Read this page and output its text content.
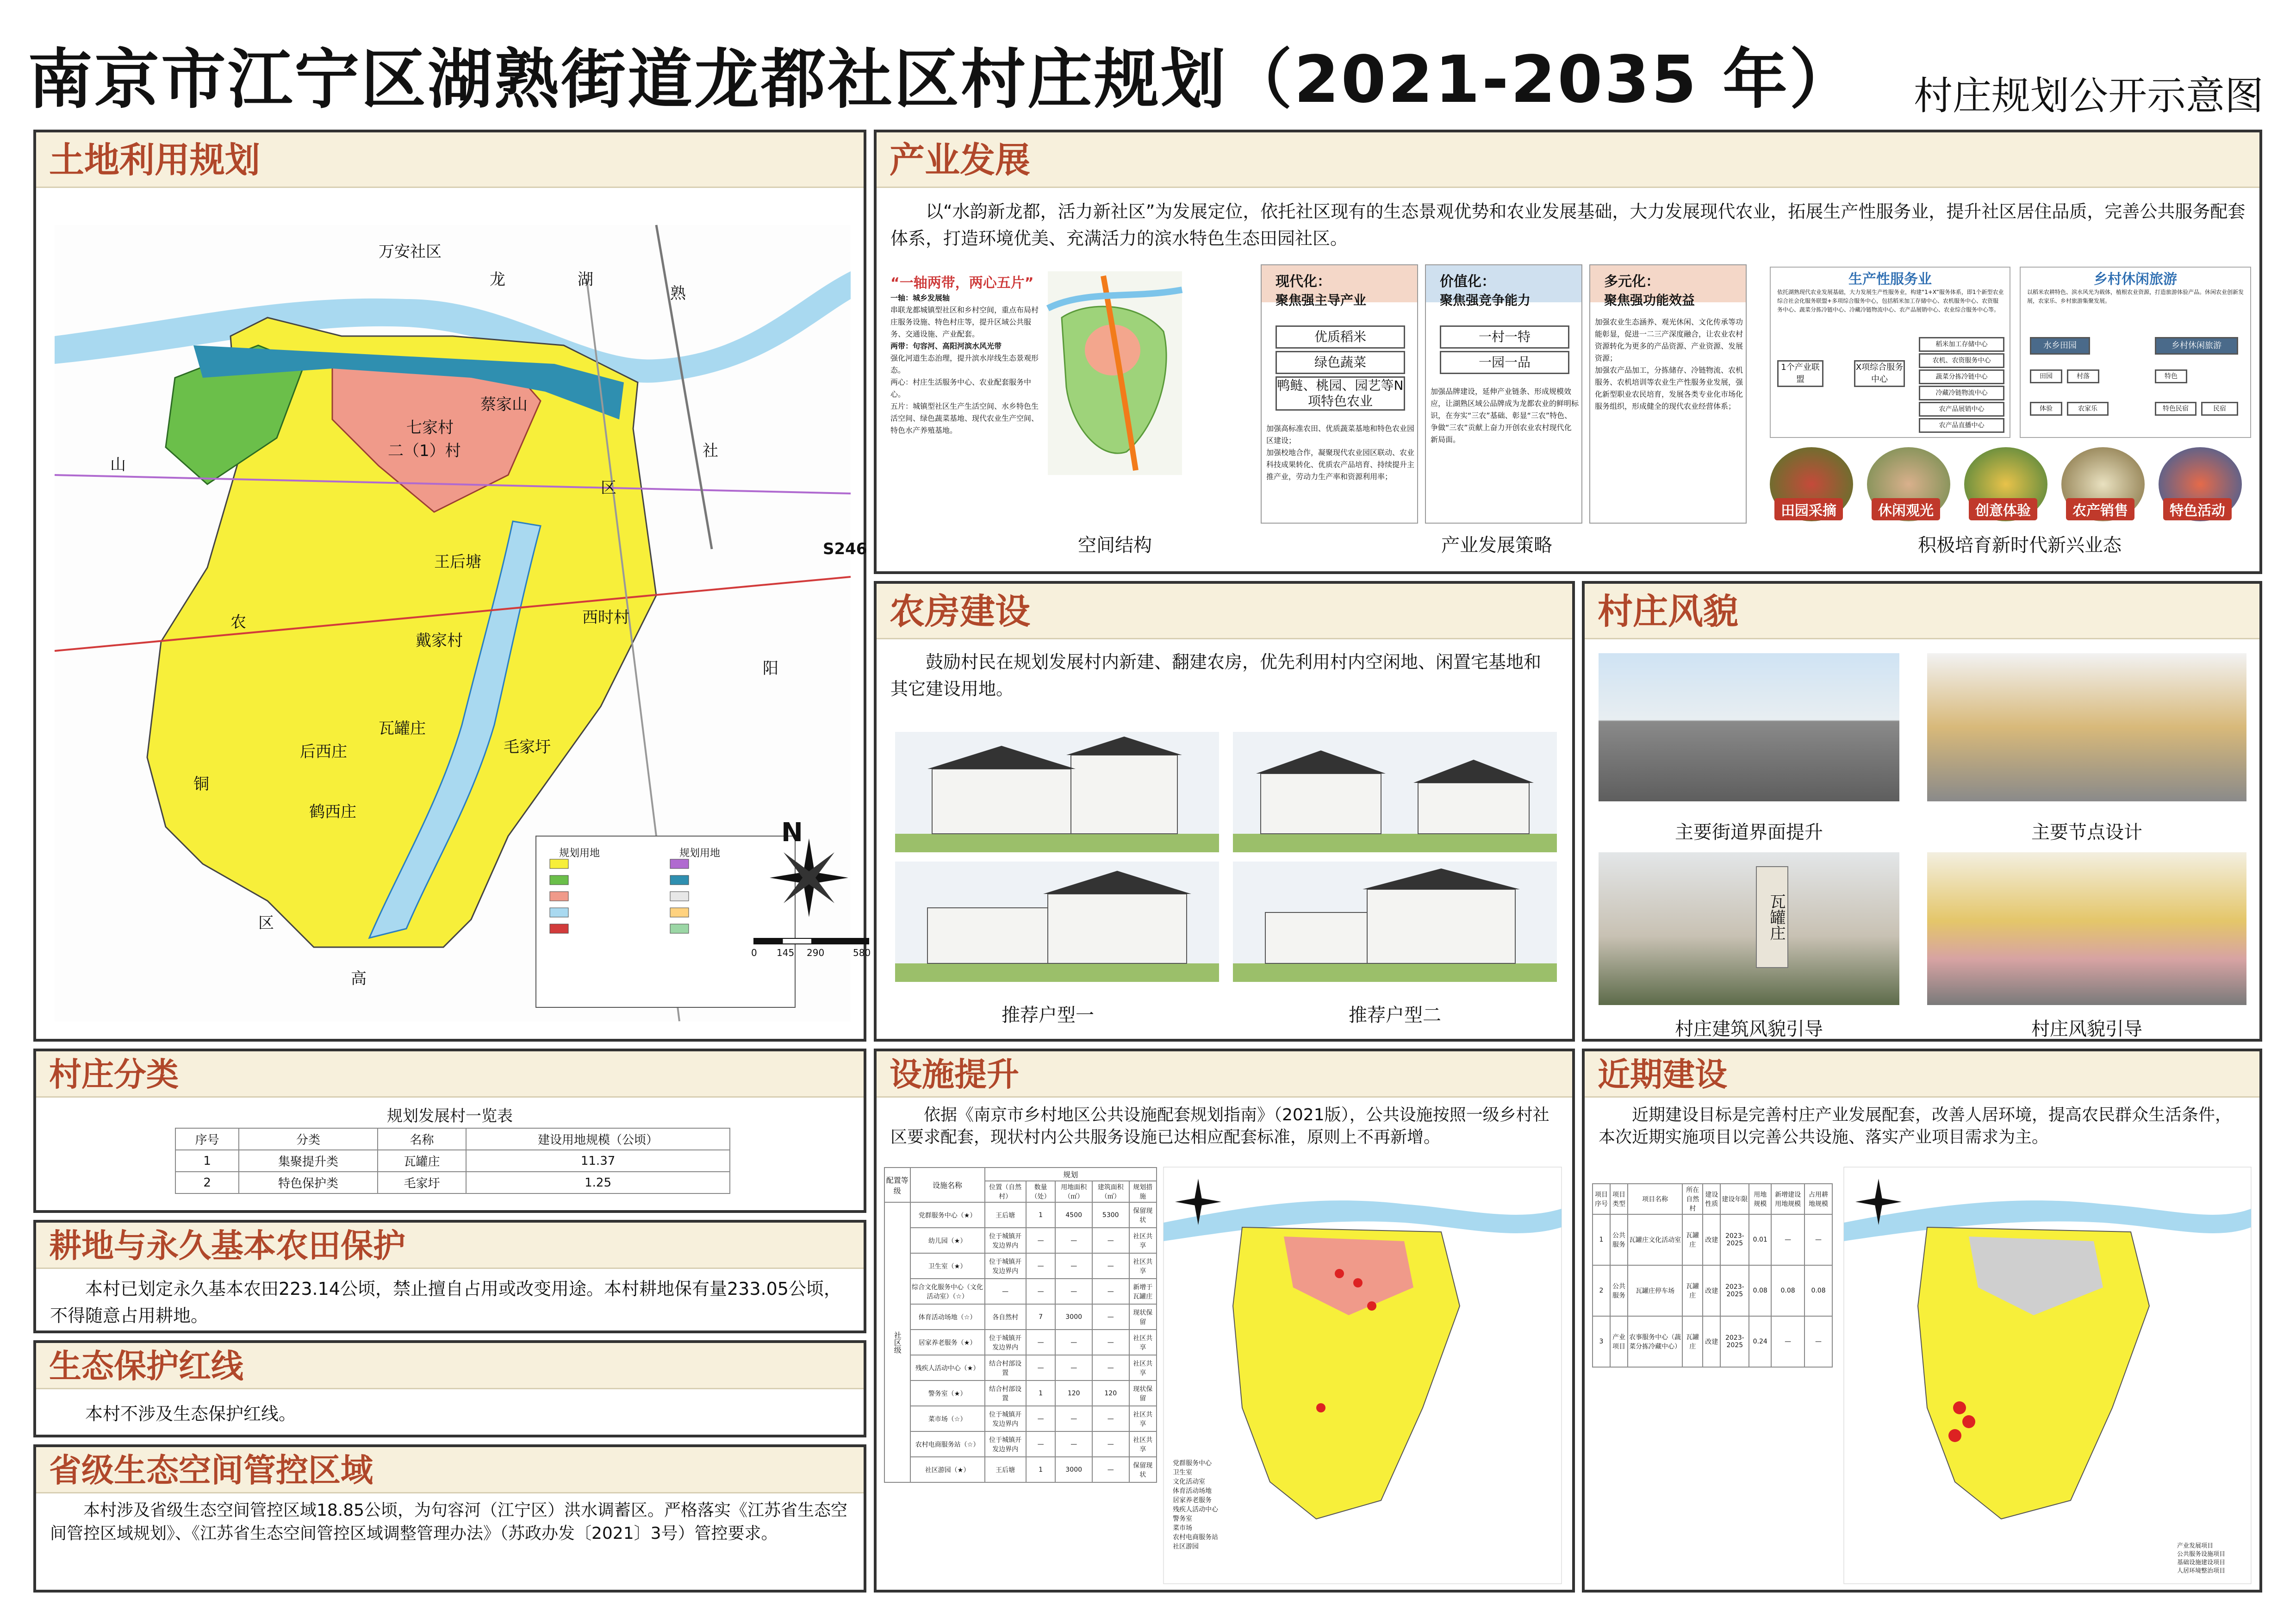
南京市江宁区湖熟街道龙都社区村庄规划（2021-2035 年） 村庄规划公开示意图
土地利用规划
七家村
蔡家山
二（1）村
王后塘
西时村
戴家村
瓦罐庄
后西庄	毛家圩
鹤西庄
万安社区
龙	湖
熟
社
区
阳
农
铜
山
区
高
S246
N
0 145 290	580
规划用地	规划用地
产业发展
以“水韵新龙都，活力新社区”为发展定位，依托社区现有的生态景观优势和农业发展基础，大力发展现代农业，拓展生产性服务业，提升社区居住品质，完善公共服务配套体系，打造环境优美、充满活力的滨水特色生态田园社区。
“一轴两带，两心五片”
一轴：城乡发展轴
串联龙都城镇型社区和乡村空间，重点布局村庄服务设施、特色村庄等，提升区域公共服务、交通设施、产业配套。
两带：句容河、高阳河滨水风光带
强化河道生态治理，提升滨水岸线生态景观形态。
两心：村庄生活服务中心、农业配套服务中心。
五片：城镇型社区生产生活空间、水乡特色生活空间、绿色蔬菜基地、现代农业生产空间、特色水产养殖基地。
空间结构
现代化：
聚焦强主导产业
优质稻米
绿色蔬菜
鸭鲢、桃园、园艺等N项特色农业
加强高标准农田、优质蔬菜基地和特色农业园区建设；
加强校地合作，凝聚现代农业园区联动、农业科技成果转化、优质农产品培育、持续提升主推产业，劳动力生产率和资源利用率；
价值化：
聚焦强竞争能力
一村一特
一园一品
加强品牌建设，延伸产业链条、形成规模效应，让湖熟区域公品牌成为龙都农业的鲜明标识，在夯实“三农”基础、彰显“三农”特色、争做“三农”贡献上奋力开创农业农村现代化新局面。
多元化：
聚焦强功能效益
加强农业生态涵养、观光休闲、文化传承等功能彰显，促进一二三产深度融合，让农业农村资源转化为更多的产品资源、产业资源、发展资源；
加强农产品加工，分拣储存、冷链物流、农机服务、农机培训等农业生产性服务业发展，强化新型职业农民培育，发展各类专业化市场化服务组织，形成健全的现代农业经营体系；
产业发展策略
生产性服务业
依托湖熟现代农业发展基础，大力发展生产性服务业，构建“1+X”服务体系，即1个新型农业综合社会化服务联盟+多项综合服务中心，包括稻米加工存储中心、农机服务中心、农资服务中心、蔬菜分拣冷链中心、冷藏冷链物流中心、农产品展销中心、农业综合服务中心等。
1个产业联盟
X项综合服务中心
稻米加工存储中心
农机、农资服务中心
蔬菜分拣冷链中心
冷藏冷链物流中心
农产品展销中心
农产品直播中心
乡村休闲旅游
以稻米农耕特色、滨水风光为载体，植根农业资源，打造旅游体验产品。休闲农业创新发展，农家乐、乡村旅游集聚发展。
水乡田园	乡村休闲旅游
田园	村落	特色
体验	农家乐	特色民宿	民宿
田园采摘	休闲观光	创意体验	农产销售	特色活动
积极培育新时代新兴业态
农房建设
鼓励村民在规划发展村内新建、翻建农房，优先利用村内空闲地、闲置宅基地和其它建设用地。
推荐户型一	推荐户型二
村庄风貌
主要街道界面提升	主要节点设计
瓦罐庄
村庄建筑风貌引导	村庄风貌引导
村庄分类
规划发展村一览表
序号	分类	名称	建设用地规模（公顷）
1	集聚提升类	瓦罐庄	11.37
2	特色保护类	毛家圩	1.25
耕地与永久基本农田保护
本村已划定永久基本农田223.14公顷，禁止擅自占用或改变用途。本村耕地保有量233.05公顷，不得随意占用耕地。
生态保护红线
本村不涉及生态保护红线。
省级生态空间管控区域
本村涉及省级生态空间管控区域18.85公顷，为句容河（江宁区）洪水调蓄区。严格落实《江苏省生态空间管控区域规划》、《江苏省生态空间管控区域调整管理办法》（苏政办发〔2021〕3号）管控要求。
设施提升
依据《南京市乡村地区公共设施配套规划指南》（2021版），公共设施按照一级乡村社区要求配套，现状村内公共服务设施已达相应配套标准，原则上不再新增。
配置等级	设施名称	规划				
		位置（自然村）	数量（处）	用地面积（㎡）	建筑面积（㎡）	规划措施
社区级	党群服务中心（★）	王后塘	1	4500	5300	保留现状
	幼儿园（★）	位于城镇开发边界内	—	—	—	社区共享
	卫生室（★）	位于城镇开发边界内	—	—	—	社区共享
	综合文化服务中心（文化活动室）（☆）	—	—	—	—	新增于瓦罐庄
	体育活动场地（☆）	各自然村	7	3000	—	现状保留
	居家养老服务（★）	位于城镇开发边界内	—	—	—	社区共享
	残疾人活动中心（★）	结合村部设置	—	—	—	社区共享
	警务室（★）	结合村部设置	1	120	120	现状保留
	菜市场（☆）	位于城镇开发边界内	—	—	—	社区共享
	农村电商服务站（☆）	位于城镇开发边界内	—	—	—	社区共享
	社区游园（★）	王后塘	1	3000	—	保留现状
党群服务中心
卫生室
文化活动室
体育活动场地
居家养老服务
残疾人活动中心
警务室
菜市场
农村电商服务站
社区游园
近期建设
近期建设目标是完善村庄产业发展配套，改善人居环境，提高农民群众生活条件，本次近期实施项目以完善公共设施、落实产业项目需求为主。
项目序号	项目类型	项目名称	所在自然村	建设性质	建设年限	用地规模	新增建设用地规模	占用耕地规模
1	公共服务	瓦罐庄文化活动室	瓦罐庄	改建	2023-2025	0.01	—	—
2	公共服务	瓦罐庄停车场	瓦罐庄	改建	2023-2025	0.08	0.08	0.08
3	产业项目	农事服务中心（蔬菜分拣冷藏中心）	瓦罐庄	改建	2023-2025	0.24	—	—
产业发展项目
公共服务设施项目
基础设施建设项目
人居环境整治项目
